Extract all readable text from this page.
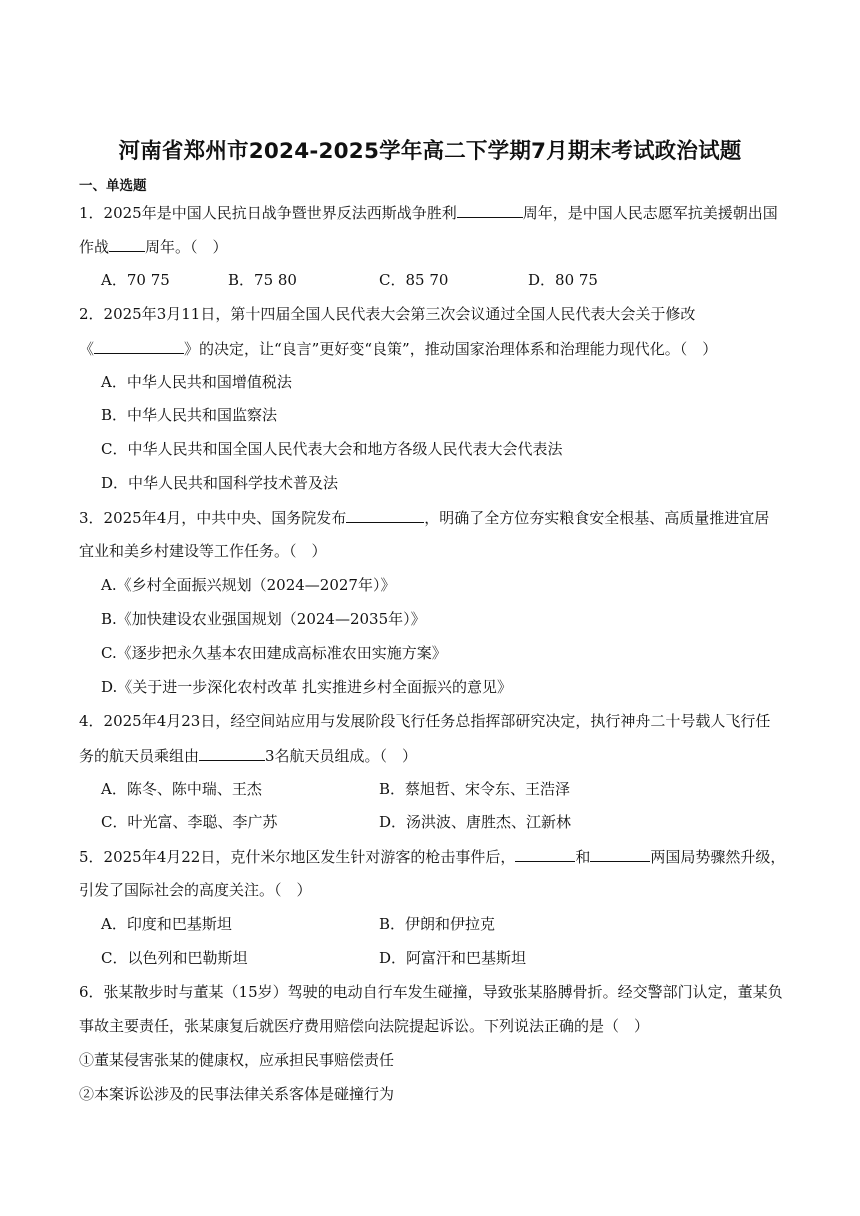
河南省郑州市2024-2025学年高二下学期7月期末考试政治试题
一、单选题
1．2025年是中国人民抗日战争暨世界反法西斯战争胜利	周年，是中国人民志愿军抗美援朝出国
作战 周年。（　）
A．70 75	B．75 80	C．85 70	D．80 75
2．2025年3月11日，第十四届全国人民代表大会第三次会议通过全国人民代表大会关于修改
《	》的决定，让“良言”更好变“良策”，推动国家治理体系和治理能力现代化。（　）
A．中华人民共和国增值税法
B．中华人民共和国监察法
C．中华人民共和国全国人民代表大会和地方各级人民代表大会代表法
D．中华人民共和国科学技术普及法
3．2025年4月，中共中央、国务院发布	，明确了全方位夯实粮食安全根基、高质量推进宜居
宜业和美乡村建设等工作任务。（　）
A.《乡村全面振兴规划（2024—2027年）》
B.《加快建设农业强国规划（2024—2035年）》
C.《逐步把永久基本农田建成高标准农田实施方案》
D.《关于进一步深化农村改革 扎实推进乡村全面振兴的意见》
4．2025年4月23日，经空间站应用与发展阶段飞行任务总指挥部研究决定，执行神舟二十号载人飞行任
务的航天员乘组由	3名航天员组成。（　）
A．陈冬、陈中瑞、王杰	B．蔡旭哲、宋令东、王浩泽
C．叶光富、李聪、李广苏	D．汤洪波、唐胜杰、江新林
5．2025年4月22日，克什米尔地区发生针对游客的枪击事件后，	和	两国局势骤然升级，
引发了国际社会的高度关注。（　）
A．印度和巴基斯坦	B．伊朗和伊拉克
C．以色列和巴勒斯坦	D．阿富汗和巴基斯坦
6．张某散步时与董某（15岁）驾驶的电动自行车发生碰撞，导致张某胳膊骨折。经交警部门认定，董某负
事故主要责任，张某康复后就医疗费用赔偿向法院提起诉讼。下列说法正确的是（　）
①董某侵害张某的健康权，应承担民事赔偿责任
②本案诉讼涉及的民事法律关系客体是碰撞行为
